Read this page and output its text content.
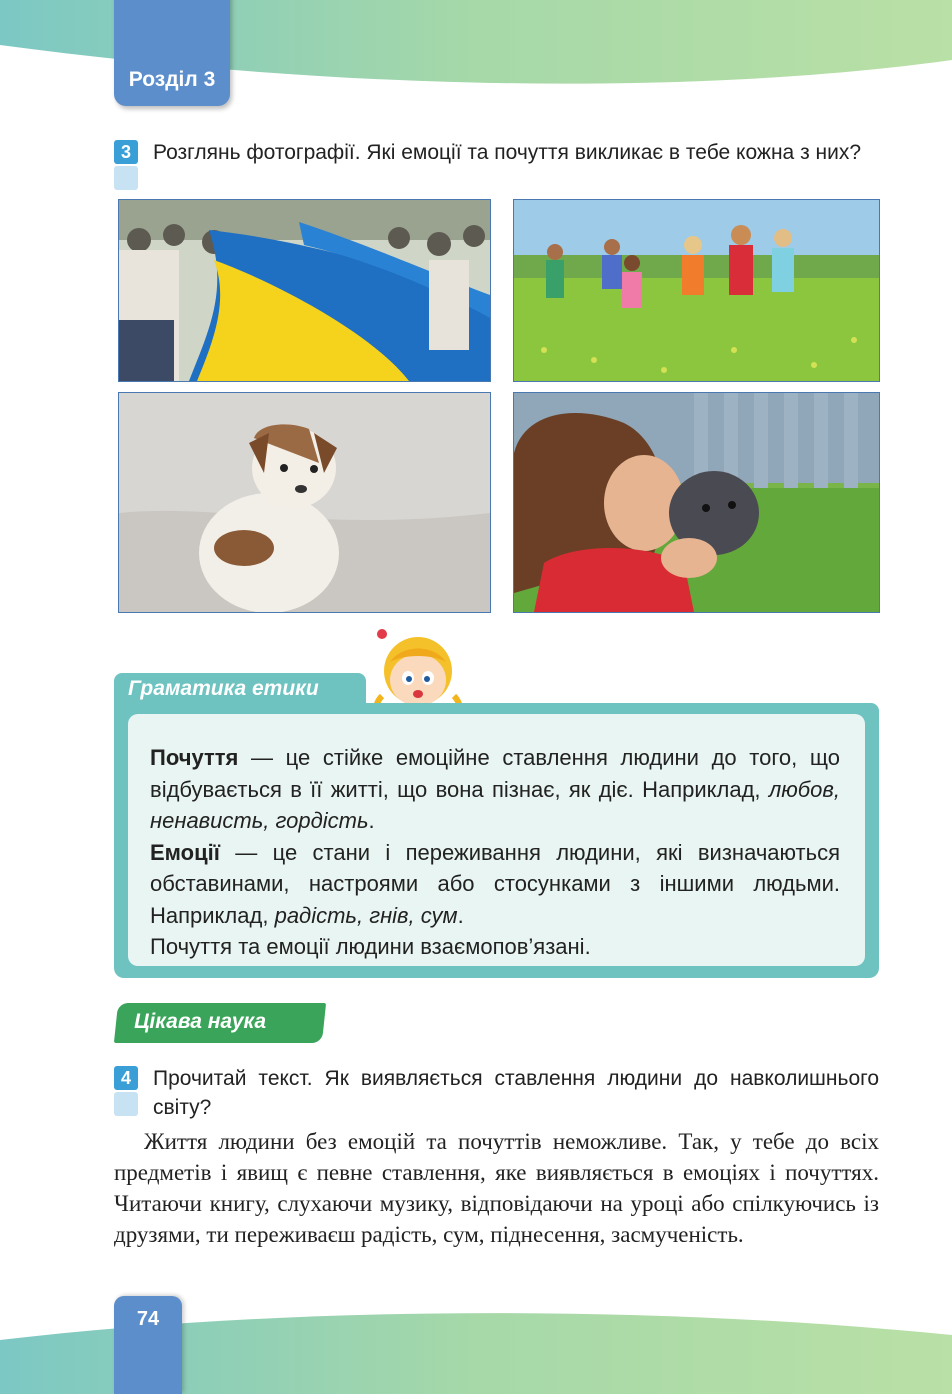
Розділ 3
3	Розглянь фотографії. Які емоції та почуття викликає в тебе кожна з них?
Граматика етики

Почуття — це стійке емоційне ставлення людини до того, що відбувається в її житті, що вона пізнає, як діє. Наприклад, любов, ненависть, гордість.

Емоції — це стани і переживання людини, які визначаються обставинами, настроями або стосунками з іншими людьми. Наприклад, радість, гнів, сум.

Почуття та емоції людини взаємопов’язані.

Цікава наука
4	Прочитай текст. Як виявляється ставлення людини до навколишнього світу?

Життя людини без емоцій та почуттів неможливе. Так, у тебе до всіх предметів і явищ є певне ставлення, яке виявляється в емоціях і почуттях. Читаючи книгу, слухаючи музику, відповідаючи на уроці або спілкуючись із друзями, ти переживаєш радість, сум, піднесення, засмученість.

74
